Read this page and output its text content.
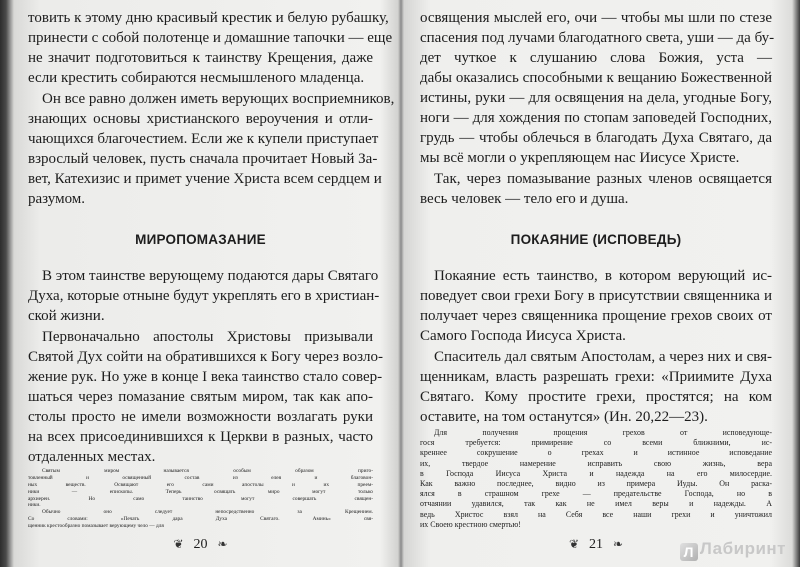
товить к этому дню красивый крестик и белую рубашку,
принести с собой полотенце и домашние тапочки — еще
не значит подготовиться к таинству Крещения, даже
если крестить собираются несмышленого младенца.
Он все равно должен иметь верующих восприемников,
знающих основы христианского вероучения и отли-
чающихся благочестием. Если же к купели приступает
взрослый человек, пусть сначала прочитает Новый За-
вет, Катехизис и примет учение Христа всем сердцем и
разумом.
МИРОПОМАЗАНИЕ
В этом таинстве верующему подаются дары Святаго
Духа, которые отныне будут укреплять его в христиан-
ской жизни.
Первоначально апостолы Христовы призывали
Святой Дух сойти на обратившихся к Богу через возло-
жение рук. Но уже в конце I века таинство стало совер-
шаться через помазание святым миром, так как апо-
столы просто не имели возможности возлагать руки
на всех присоединившихся к Церкви в разных, часто
отдаленных местах.
❦ 20 ❧
Святым миром называется особым образом приго-
товленный и освященный состав из елея и благовон-
ных веществ. Освящают его сами апостолы и их преем-
ники — епископы. Теперь освящать миро могут только
архиереи. Но само таинство могут совершать священ-
ники.
Обычно оно следует непосредственно за Крещением.
Со словами: «Печать дара Духа Святаго. Аминь» свя-
щенник крестообразно помазывает верующему чело — для
освящения мыслей его, очи — чтобы мы шли по стезе
спасения под лучами благодатного света, уши — да бу-
дет чуткое к слушанию слова Божия, уста —
дабы оказались способными к вещанию Божественной
истины, руки — для освящения на дела, угодные Богу,
ноги — для хождения по стопам заповедей Господних,
грудь — чтобы облечься в благодать Духа Святаго, да
мы всё могли о укрепляющем нас Иисусе Христе.
Так, через помазывание разных членов освящается
весь человек — тело его и душа.
ПОКАЯНИЕ (ИСПОВЕДЬ)
Покаяние есть таинство, в котором верующий ис-
поведует свои грехи Богу в присутствии священника и
получает через священника прощение грехов своих от
Самого Господа Иисуса Христа.
Спаситель дал святым Апостолам, а через них и свя-
щенникам, власть разрешать грехи: «Приимите Духа
Святаго. Кому простите грехи, простятся; на ком
оставите, на том останутся» (Ин. 20,22—23).
❦ 21 ❧
Для получения прощения грехов от исповедующе-
гося требуется: примирение со всеми ближними, ис-
креннее сокрушение о грехах и истинное исповедание
их, твердое намерение исправить свою жизнь, вера
в Господа Иисуса Христа и надежда на его милосердие.
Как важно последнее, видно из примера Иуды. Он раска-
ялся в страшном грехе — предательстве Господа, но в
отчаянии удавился, так как не имел веры и надежды. А
ведь Христос взял на Себя все наши грехи и уничтожил
их Своею крестною смертью!
Л Лабиринт
